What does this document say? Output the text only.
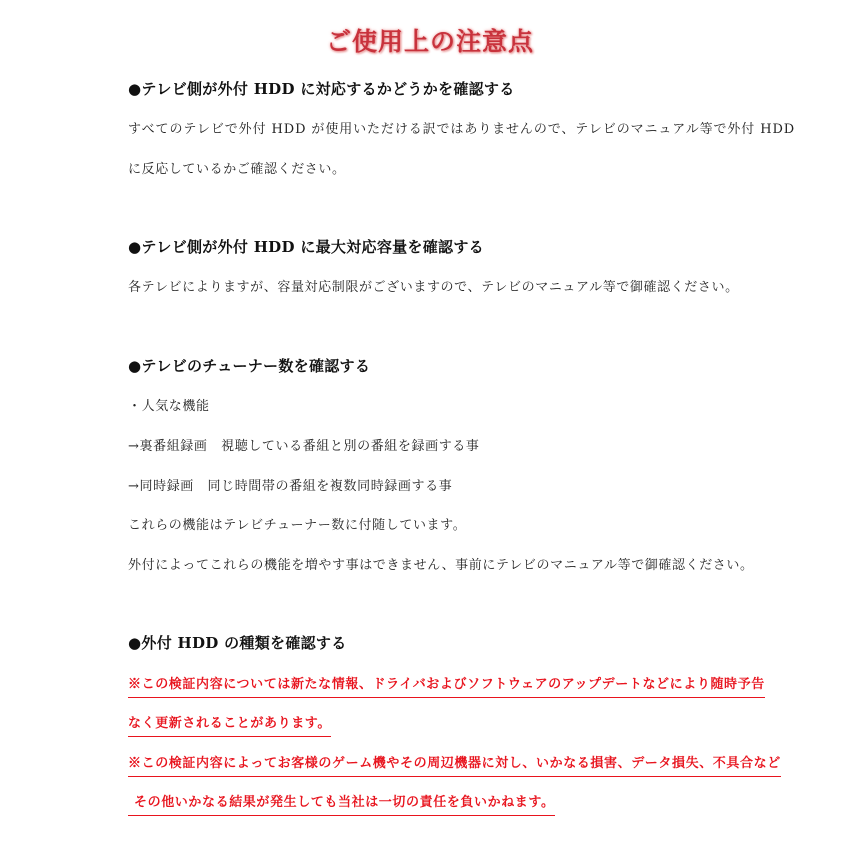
ご使用上の注意点
●テレビ側が外付 HDD に対応するかどうかを確認する
すべてのテレビで外付 HDD が使用いただける訳ではありませんので、テレビのマニュアル等で外付 HDD
に反応しているかご確認ください。
●テレビ側が外付 HDD に最大対応容量を確認する
各テレビによりますが、容量対応制限がございますので、テレビのマニュアル等で御確認ください。
●テレビのチューナー数を確認する
・人気な機能
→裏番組録画　視聴している番組と別の番組を録画する事
→同時録画　同じ時間帯の番組を複数同時録画する事
これらの機能はテレビチューナー数に付随しています。
外付によってこれらの機能を増やす事はできません、事前にテレビのマニュアル等で御確認ください。
●外付 HDD の種類を確認する
※この検証内容については新たな情報、ドライバおよびソフトウェアのアップデートなどにより随時予告
なく更新されることがあります。
※この検証内容によってお客様のゲーム機やその周辺機器に対し、いかなる損害、データ損失、不具合など
その他いかなる結果が発生しても当社は一切の責任を負いかねます。
